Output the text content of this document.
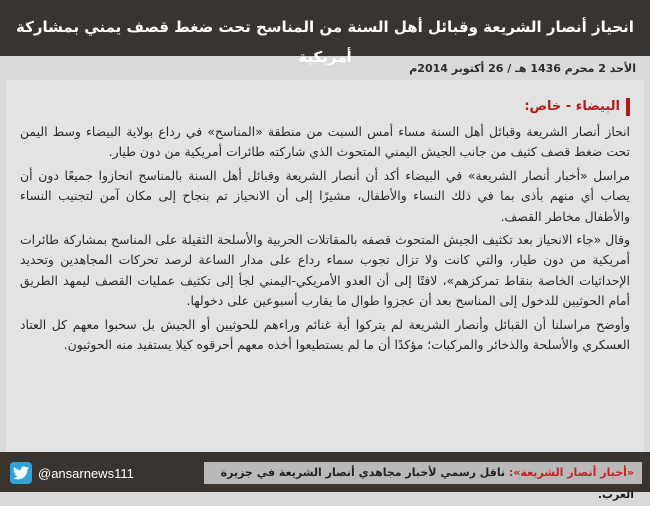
انحياز أنصار الشريعة وقبائل أهل السنة من المناسح تحت ضغط قصف يمني بمشاركة أمريكية
الأحد 2 محرم 1436 هـ / 26 أكتوبر 2014م
البيضاء - خاص:

انحاز أنصار الشريعة وقبائل أهل السنة مساء أمس السبت من منطقة «المناسح» في رداع بولاية البيضاء وسط اليمن تحت ضغط قصف كثيف من جانب الجيش اليمني المتحوث الذي شاركته طائرات أمريكية من دون طيار.

مراسل «أخبار أنصار الشريعة» في البيضاء أكد أن أنصار الشريعة وقبائل أهل السنة بالمناسح انحازوا جميعًا دون أن يصاب أي منهم بأذى بما في ذلك النساء والأطفال، مشيرًا إلى أن الانحياز تم بنجاح إلى مكان آمن لتجنيب النساء والأطفال مخاطر القصف.

وقال «جاء الانحياز بعد تكثيف الجيش المتحوث قصفه بالمقاتلات الحربية والأسلحة الثقيلة على المناسح بمشاركة طائرات أمريكية من دون طيار، والتي كانت ولا تزال تجوب سماء رداع على مدار الساعة لرصد تحركات المجاهدين وتحديد الإحداثيات الخاصة بنقاط تمركزهم»، لافتًا إلى أن العدو الأمريكي-اليمني لجأ إلى تكثيف عمليات القصف ليمهد الطريق أمام الحوثيين للدخول إلى المناسح بعد أن عجزوا طوال ما يقارب أسبوعين على دخولها.

وأوضح مراسلنا أن القبائل وأنصار الشريعة لم يتركوا أية غنائم وراءهم للحوثيين أو الجيش بل سحبوا معهم كل العتاد العسكري والأسلحة والذخائر والمركبات؛ مؤكدًا أن ما لم يستطيعوا أخذه معهم أحرقوه كيلا يستفيد منه الحوثيون.

@ansarnews111	«أخبار أنصار الشريعة»: ناقل رسمي لأخبار مجاهدي أنصار الشريعة في جزيرة العرب.
